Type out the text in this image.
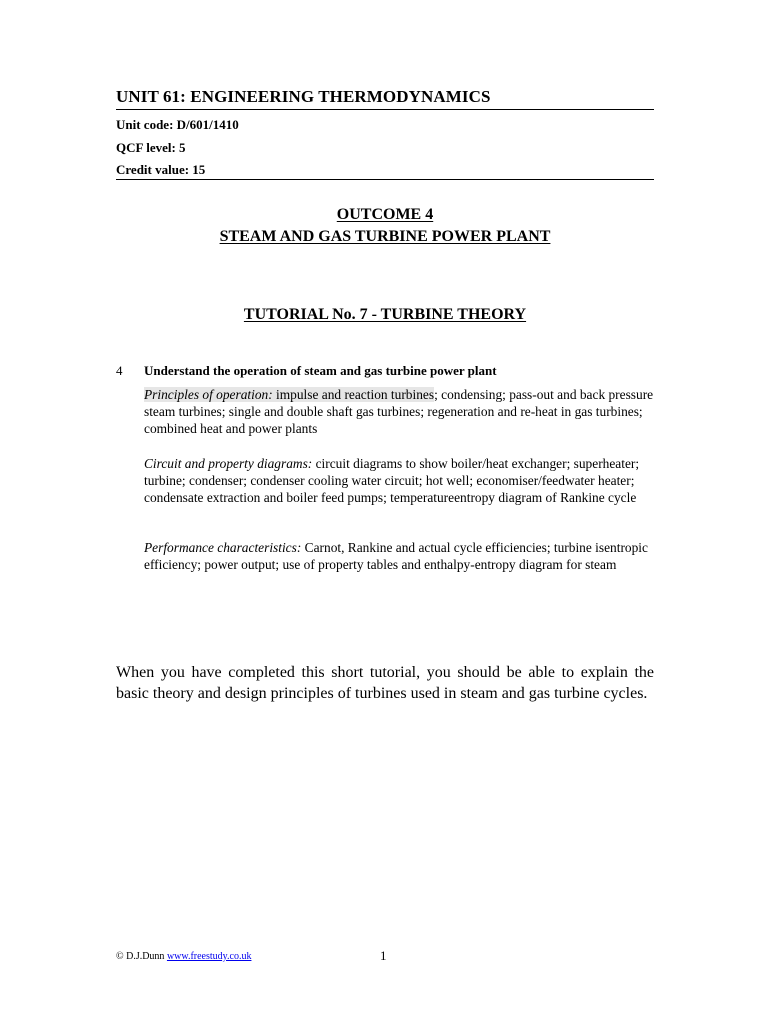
UNIT 61: ENGINEERING THERMODYNAMICS
Unit code: D/601/1410
QCF level: 5
Credit value: 15
OUTCOME 4
STEAM AND GAS TURBINE POWER PLANT
TUTORIAL No. 7 - TURBINE THEORY
4 Understand the operation of steam and gas turbine power plant
Principles of operation: impulse and reaction turbines; condensing; pass-out and back pressure steam turbines; single and double shaft gas turbines; regeneration and re-heat in gas turbines; combined heat and power plants
Circuit and property diagrams: circuit diagrams to show boiler/heat exchanger; superheater; turbine; condenser; condenser cooling water circuit; hot well; economiser/feedwater heater; condensate extraction and boiler feed pumps; temperatureentropy diagram of Rankine cycle
Performance characteristics: Carnot, Rankine and actual cycle efficiencies; turbine isentropic efficiency; power output; use of property tables and enthalpy-entropy diagram for steam
When you have completed this short tutorial, you should be able to explain the basic theory and design principles of turbines used in steam and gas turbine cycles.
© D.J.Dunn www.freestudy.co.uk	1
